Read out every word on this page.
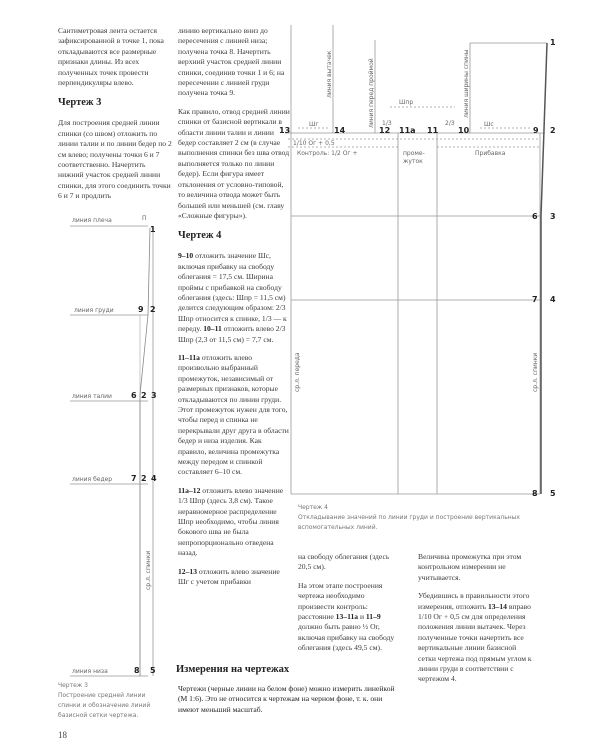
Сантиметровая лента остается зафиксированной в точке 1, пока откладываются все размерные признаки длины. Из всех полученных точек провести перпендикуляры влево.

Чертеж 3

Для построения средней линии спинки (со швом) отложить по линии талии и по линии бедер по 2 см влево; получены точки 6 и 7 соответственно. Начертить нижний участок средней линии спинки, для этого соединить точки 6 и 7 и продлить

линию вертикально вниз до пересечения с линией низа; получена точка 8. Начертить верхний участок средней линии спинки, соединив точки 1 и 6; на пересечении с линией груди получена точка 9.

Как правило, отвод средней линии спинки от базисной вертикали в области линии талии и линии бедер составляет 2 см (в случае выполнения спинки без шва отвод выполняется только по линии бедер). Если фигура имеет отклонения от условно-типовой, то величина отвода может быть большей или меньшей (см. главу «Сложные фигуры»).

Чертеж 4

9–10 отложить значение Шс, включая прибавку на свободу облегания = 17,5 см. Ширина проймы с прибавкой на свободу облегания (здесь: Шпр = 11,5 см) делится следующим образом: 2/3 Шпр относится к спинке, 1/3 — к переду. 10–11 отложить влево 2/3 Шпр (2,3 от 11,5 см) = 7,7 см.

11–11а отложить влево произвольно выбранный промежуток, независимый от размерных признаков, которые откладываются по линии груди. Этот промежуток нужен для того, чтобы перед и спинка не перекрывали друг друга в области бедер и низа изделия. Как правило, величина промежутка между передом и спинкой составляет 6–10 см.

11а–12 отложить влево значение 1/3 Шпр (здесь 3,8 см). Такое неравномерное распределение Шпр необходимо, чтобы линия бокового шва не была непропорционально отведена назад.

12–13 отложить влево значение Шг с учетом прибавки

на свободу облегания (здесь 20,5 см).

На этом этапе построения чертежа необходимо произвести контроль: расстояние 13–11а и 11–9 должно быть равно ½ Ог, включая прибавку на свободу облегания (здесь 49,5 см).

Величина промежутка при этом контрольном измерении не учитывается.

Убедившись в правильности этого измерения, отложить 13–14 вправо 1/10 Ог + 0,5 см для определения положения линии вытачек. Через полученные точки начертить все вертикальные линии базисной сетки чертежа под прямым углом к линии груди в соответствии с чертежом 4.

Измерения на чертежах
Чертежи (черные линии на белом фоне) можно измерить линейкой (М 1:6). Это не относится к чертежам на черном фоне, т. к. они имеют меньший масштаб.
линия плеча	П
1
линия груди	9 2
линия талии 6 2 3
линия бедер 7 2 4
линия низа	8 5
ср.л. спинки
линия вытачек	линия перед проймой	линия ширины спины
Шпр
Шг	Шс
1/3	2/3
13	14	12 11а 11 10	9 2
1
1/10 Ог + 0,5
Контроль: 1/2 Ог +	проме-
жуток
Прибавка
6 3
7 4
8 5
ср.л. переда	ср.л. спинки
Чертеж 3
Построение средней линии спинки и обозначение линий базисной сетки чертежа.
Чертеж 4
Откладывание значений по линии груди и построение вертикальных вспомогательных линий.
18
